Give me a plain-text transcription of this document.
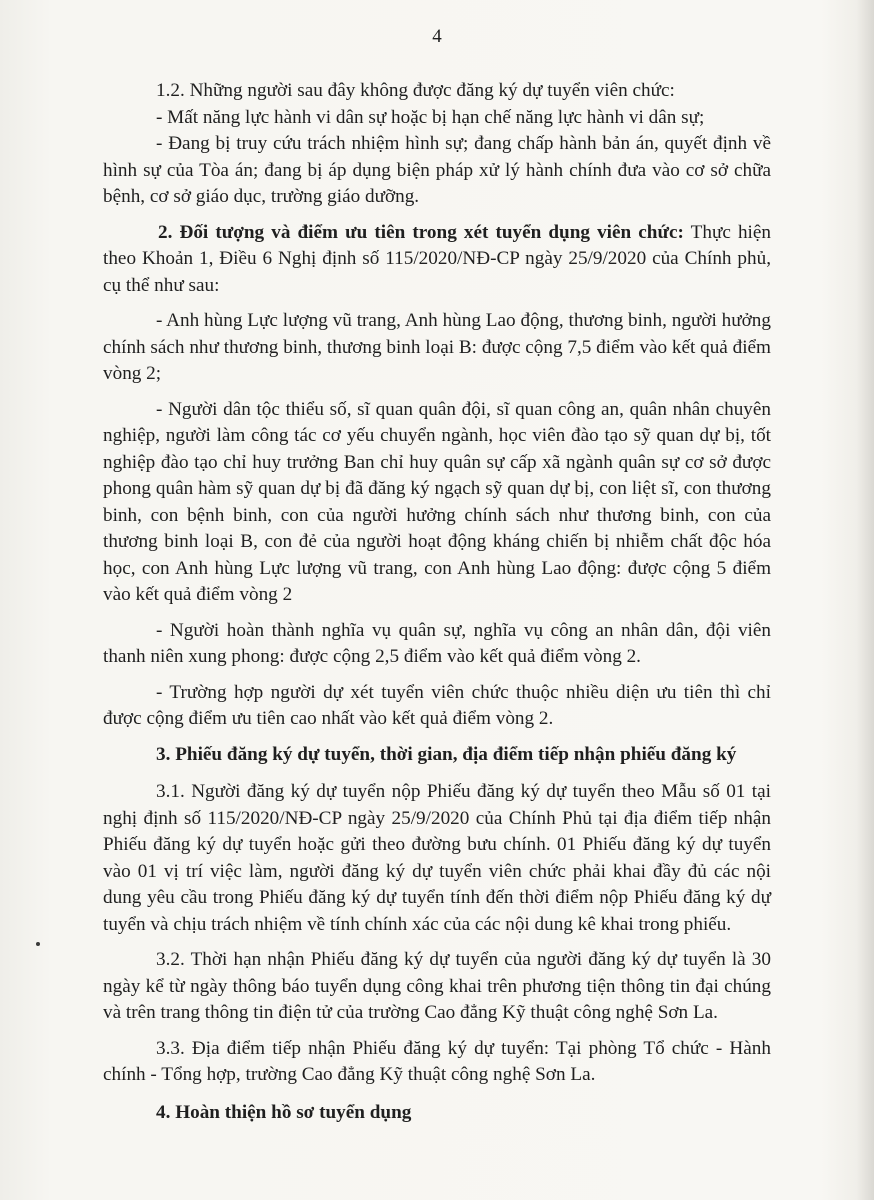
4

1.2. Những người sau đây không được đăng ký dự tuyển viên chức:

- Mất năng lực hành vi dân sự hoặc bị hạn chế năng lực hành vi dân sự;

- Đang bị truy cứu trách nhiệm hình sự; đang chấp hành bản án, quyết định về hình sự của Tòa án; đang bị áp dụng biện pháp xử lý hành chính đưa vào cơ sở chữa bệnh, cơ sở giáo dục, trường giáo dưỡng.

2. Đối tượng và điểm ưu tiên trong xét tuyển dụng viên chức: Thực hiện theo Khoản 1, Điều 6 Nghị định số 115/2020/NĐ-CP ngày 25/9/2020 của Chính phủ, cụ thể như sau:

- Anh hùng Lực lượng vũ trang, Anh hùng Lao động, thương binh, người hưởng chính sách như thương binh, thương binh loại B: được cộng 7,5 điểm vào kết quả điểm vòng 2;

- Người dân tộc thiểu số, sĩ quan quân đội, sĩ quan công an, quân nhân chuyên nghiệp, người làm công tác cơ yếu chuyển ngành, học viên đào tạo sỹ quan dự bị, tốt nghiệp đào tạo chỉ huy trưởng Ban chỉ huy quân sự cấp xã ngành quân sự cơ sở được phong quân hàm sỹ quan dự bị đã đăng ký ngạch sỹ quan dự bị, con liệt sĩ, con thương binh, con bệnh binh, con của người hưởng chính sách như thương binh, con của thương binh loại B, con đẻ của người hoạt động kháng chiến bị nhiễm chất độc hóa học, con Anh hùng Lực lượng vũ trang, con Anh hùng Lao động: được cộng 5 điểm vào kết quả điểm vòng 2

- Người hoàn thành nghĩa vụ quân sự, nghĩa vụ công an nhân dân, đội viên thanh niên xung phong: được cộng 2,5 điểm vào kết quả điểm vòng 2.

- Trường hợp người dự xét tuyển viên chức thuộc nhiều diện ưu tiên thì chỉ được cộng điểm ưu tiên cao nhất vào kết quả điểm vòng 2.

3. Phiếu đăng ký dự tuyển, thời gian, địa điểm tiếp nhận phiếu đăng ký

3.1. Người đăng ký dự tuyển nộp Phiếu đăng ký dự tuyển theo Mẫu số 01 tại nghị định số 115/2020/NĐ-CP ngày 25/9/2020 của Chính Phủ tại địa điểm tiếp nhận Phiếu đăng ký dự tuyển hoặc gửi theo đường bưu chính. 01 Phiếu đăng ký dự tuyển vào 01 vị trí việc làm, người đăng ký dự tuyển viên chức phải khai đầy đủ các nội dung yêu cầu trong Phiếu đăng ký dự tuyển tính đến thời điểm nộp Phiếu đăng ký dự tuyển và chịu trách nhiệm về tính chính xác của các nội dung kê khai trong phiếu.

3.2. Thời hạn nhận Phiếu đăng ký dự tuyển của người đăng ký dự tuyển là 30 ngày kể từ ngày thông báo tuyển dụng công khai trên phương tiện thông tin đại chúng và trên trang thông tin điện tử của trường Cao đẳng Kỹ thuật công nghệ Sơn La.

3.3. Địa điểm tiếp nhận Phiếu đăng ký dự tuyển: Tại phòng Tổ chức - Hành chính - Tổng hợp, trường Cao đẳng Kỹ thuật công nghệ Sơn La.

4. Hoàn thiện hồ sơ tuyển dụng
